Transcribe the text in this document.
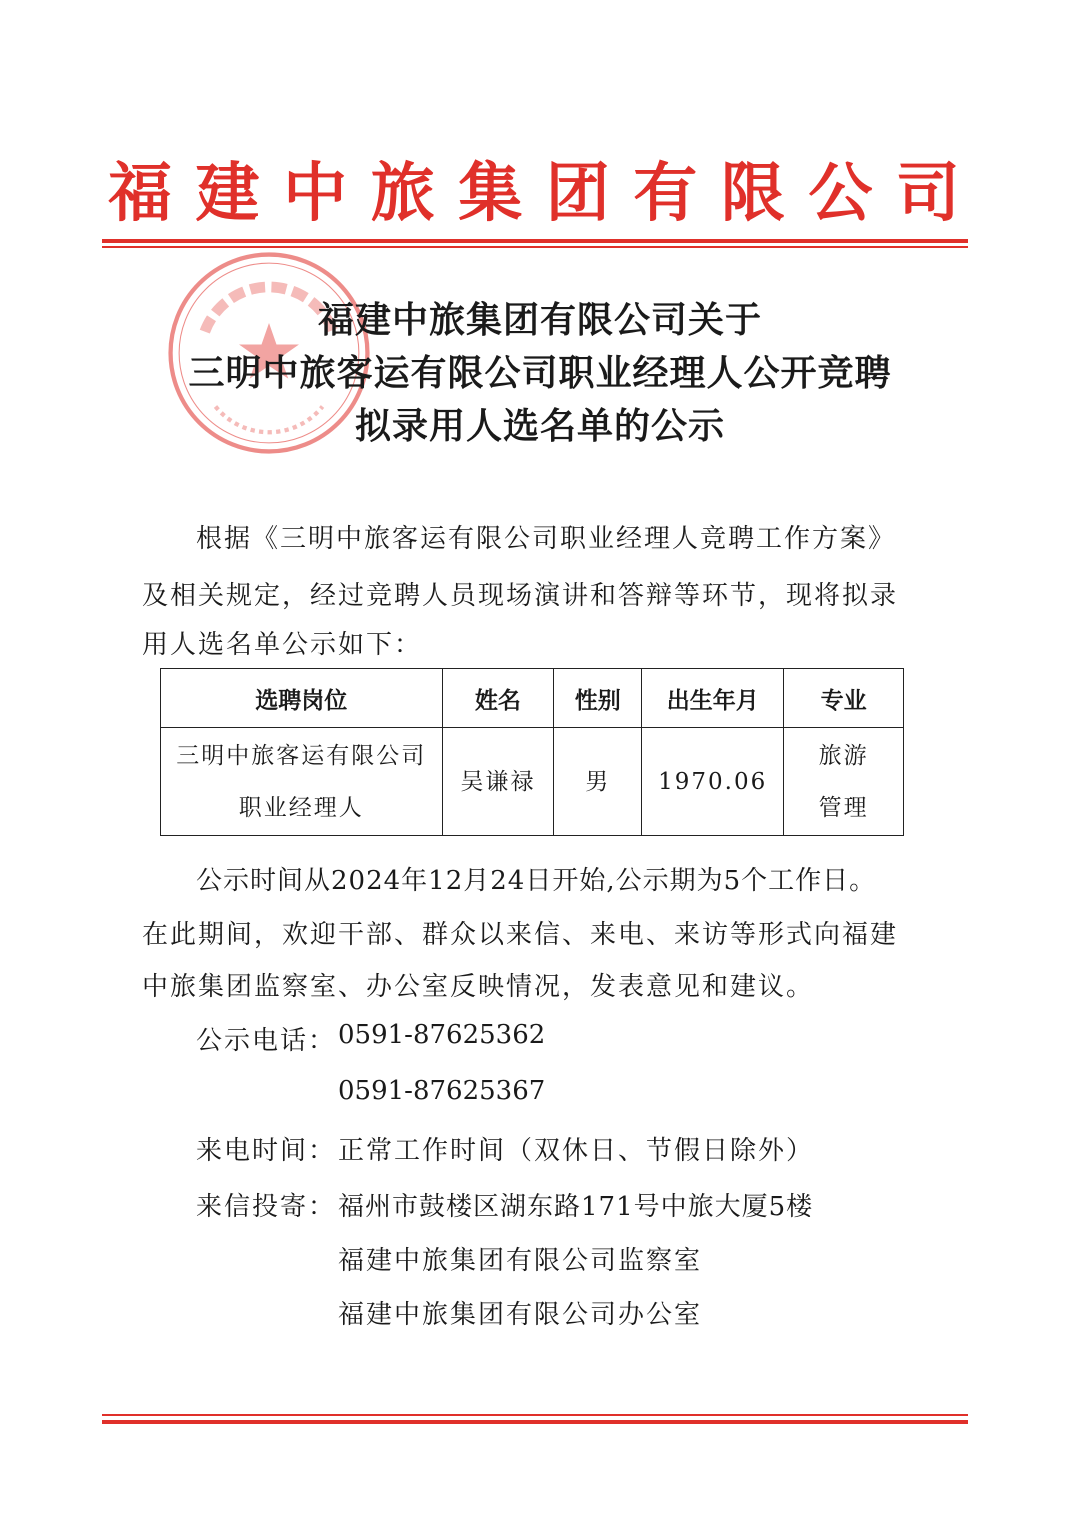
福 建 中 旅 集 团 有 限 公 司
福建中旅集团有限公司关于
三明中旅客运有限公司职业经理人公开竞聘
拟录用人选名单的公示
根据《三明中旅客运有限公司职业经理人竞聘工作方案》
及相关规定，经过竞聘人员现场演讲和答辩等环节，现将拟录
用人选名单公示如下：
选聘岗位	姓名	性别	出生年月	专业

三明中旅客运有限公司
职业经理人	吴谦禄	男	1970.06	旅游
管理
公示时间从2024年12月24日开始,公示期为5个工作日。
在此期间，欢迎干部、群众以来信、来电、来访等形式向福建
中旅集团监察室、办公室反映情况，发表意见和建议。
公示电话： 0591-87625362
0591-87625367
来电时间： 正常工作时间（双休日、节假日除外）
来信投寄： 福州市鼓楼区湖东路171号中旅大厦5楼
福建中旅集团有限公司监察室
福建中旅集团有限公司办公室
